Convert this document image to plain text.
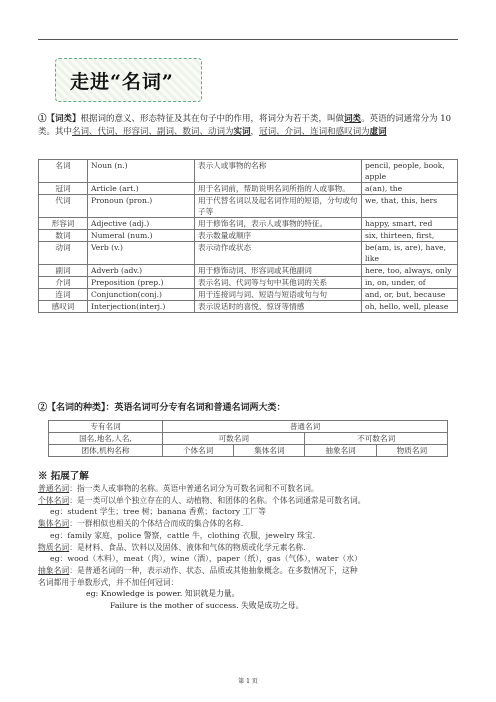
走进“名词”
①【词类】根据词的意义、形态特征及其在句子中的作用，将词分为若干类，叫做词类。英语的词通常分为 10 类。其中名词、代词、形容词、副词、数词、动词为实词，冠词、介词、连词和感叹词为虚词
名词	Noun (n.)	表示人或事物的名称	pencil, people, book, apple
冠词	Article (art.)	用于名词前，帮助说明名词所指的人或事物。	a(an), the
代词	Pronoun (pron.)	用于代替名词以及起名词作用的短语，分句或句子等	we, that, this, hers
形容词	Adjective (adj.)	用于修饰名词，表示人或事物的特征。	happy, smart, red
数词	Numeral (num.)	表示数量或顺序	six, thirteen, first,
动词	Verb (v.)	表示动作或状态	be(am, is, are), have, like
副词	Adverb (adv.)	用于修饰动词、形容词或其他副词	here, too, always, only
介词	Preposition (prep.)	表示名词、代词等与句中其他词的关系	in, on, under, of
连词	Conjunction(conj.)	用于连接词与词、短语与短语或句与句	and, or, but, because
感叹词	Interjection(interj.)	表示说话时的喜悦、惊讶等情感	oh, hello, well, please
②【名词的种类】：英语名词可分专有名词和普通名词两大类：
专有名词	普通名词			
国名,地名,人名,	可数名词		不可数名词	
团体,机构名称	个体名词	集体名词	抽象名词	物质名词
※ 拓展了解
普通名词：指一类人或事物的名称。英语中普通名词分为可数名词和不可数名词。
个体名词：是一类可以单个独立存在的人、动植物、和团体的名称。个体名词通常是可数名词。
eg：student 学生；tree 树；banana 香蕉；factory 工厂等
集体名词：一群相似也相关的个体结合而成的集合体的名称.
eg：family 家庭，police 警察，cattle 牛，clothing 衣服，jewelry 珠宝.
物质名词：是材料、食品、饮料以及固体、液体和气体的物质或化学元素名称.
eg：wood（木料），meat（肉），wine（酒），paper（纸），gas（气体），water（水）
抽象名词：是普通名词的一种，表示动作、状态、品质或其他抽象概念。在多数情况下，这种
名词都用于单数形式，并不加任何冠词：
eg: Knowledge is power. 知识就是力量。
Failure is the mother of success. 失败是成功之母。
第 1 页
